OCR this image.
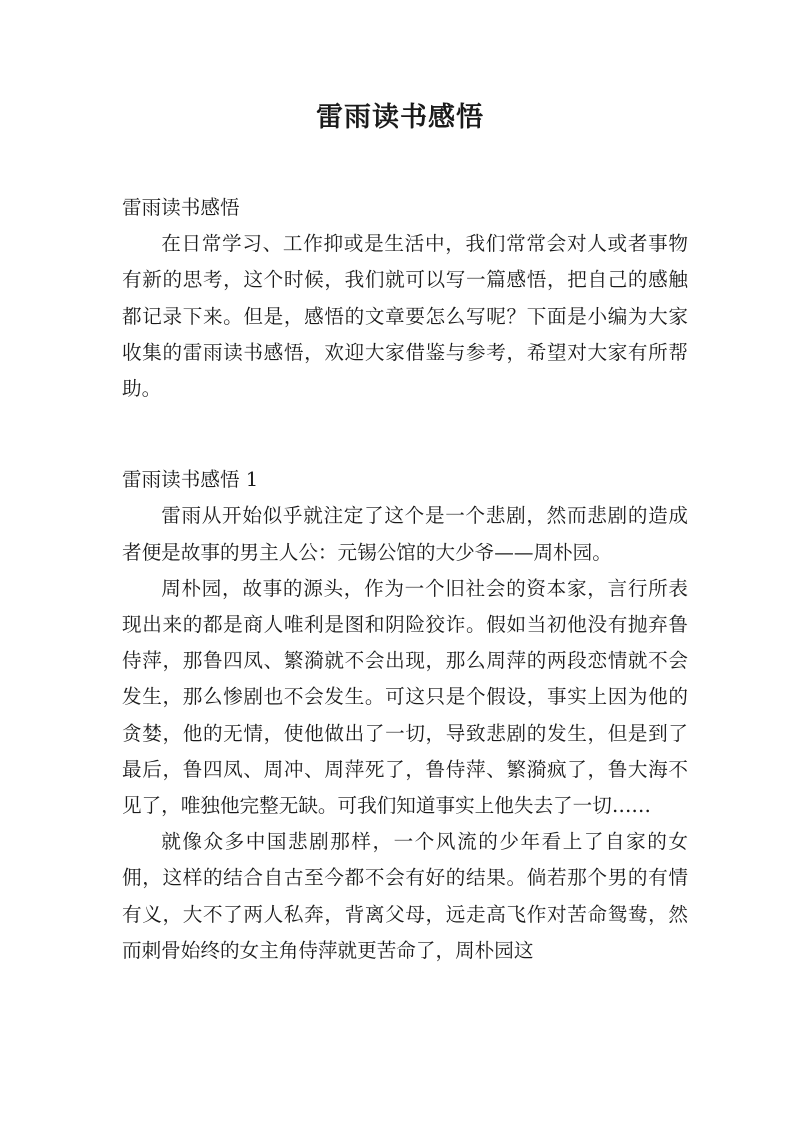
雷雨读书感悟

雷雨读书感悟

在日常学习、工作抑或是生活中，我们常常会对人或者事物有新的思考，这个时候，我们就可以写一篇感悟，把自己的感触都记录下来。但是，感悟的文章要怎么写呢？下面是小编为大家收集的雷雨读书感悟，欢迎大家借鉴与参考，希望对大家有所帮助。

雷雨读书感悟 1

雷雨从开始似乎就注定了这个是一个悲剧，然而悲剧的造成者便是故事的男主人公：元锡公馆的大少爷——周朴园。

周朴园，故事的源头，作为一个旧社会的资本家，言行所表现出来的都是商人唯利是图和阴险狡诈。假如当初他没有抛弃鲁侍萍，那鲁四凤、繁漪就不会出现，那么周萍的两段恋情就不会发生，那么惨剧也不会发生。可这只是个假设，事实上因为他的贪婪，他的无情，使他做出了一切，导致悲剧的发生，但是到了最后，鲁四凤、周冲、周萍死了，鲁侍萍、繁漪疯了，鲁大海不见了，唯独他完整无缺。可我们知道事实上他失去了一切……

就像众多中国悲剧那样，一个风流的少年看上了自家的女佣，这样的结合自古至今都不会有好的结果。倘若那个男的有情有义，大不了两人私奔，背离父母，远走高飞作对苦命鸳鸯，然而刺骨始终的女主角侍萍就更苦命了，周朴园这
